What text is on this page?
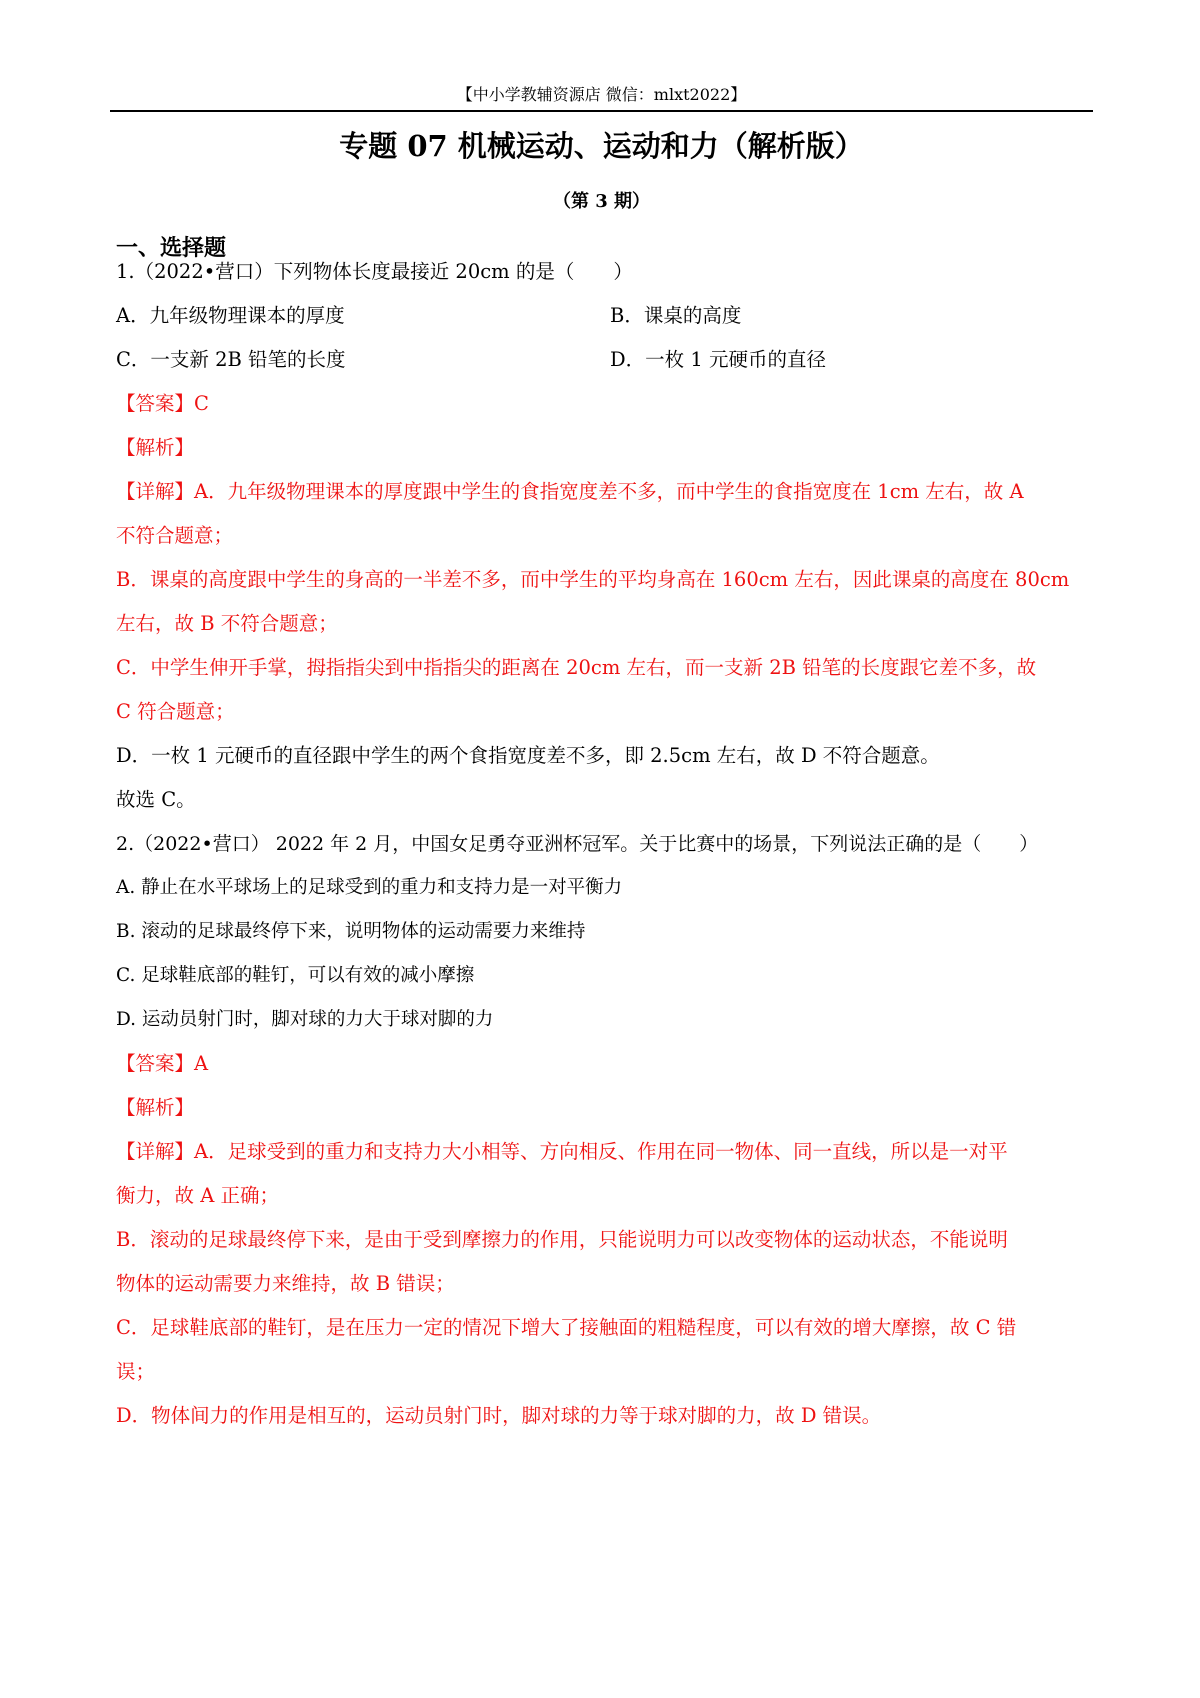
【中小学教辅资源店 微信：mlxt2022】
专题 07 机械运动、运动和力（解析版）
（第 3 期）
一、选择题
1.（2022•营口）下列物体长度最接近 20cm 的是（　　）
A．九年级物理课本的厚度	B．课桌的高度
C．一支新 2B 铅笔的长度	D．一枚 1 元硬币的直径
【答案】C
【解析】
【详解】A．九年级物理课本的厚度跟中学生的食指宽度差不多，而中学生的食指宽度在 1cm 左右，故 A
不符合题意；
B．课桌的高度跟中学生的身高的一半差不多，而中学生的平均身高在 160cm 左右，因此课桌的高度在 80cm
左右，故 B 不符合题意；
C．中学生伸开手掌，拇指指尖到中指指尖的距离在 20cm 左右，而一支新 2B 铅笔的长度跟它差不多，故
C 符合题意；
D．一枚 1 元硬币的直径跟中学生的两个食指宽度差不多，即 2.5cm 左右，故 D 不符合题意。
故选 C。
2.（2022•营口） 2022 年 2 月，中国女足勇夺亚洲杯冠军。关于比赛中的场景，下列说法正确的是（　　）
A. 静止在水平球场上的足球受到的重力和支持力是一对平衡力
B. 滚动的足球最终停下来，说明物体的运动需要力来维持
C. 足球鞋底部的鞋钉，可以有效的减小摩擦
D. 运动员射门时，脚对球的力大于球对脚的力
【答案】A
【解析】
【详解】A．足球受到的重力和支持力大小相等、方向相反、作用在同一物体、同一直线，所以是一对平
衡力，故 A 正确；
B．滚动的足球最终停下来，是由于受到摩擦力的作用，只能说明力可以改变物体的运动状态，不能说明
物体的运动需要力来维持，故 B 错误；
C．足球鞋底部的鞋钉，是在压力一定的情况下增大了接触面的粗糙程度，可以有效的增大摩擦，故 C 错
误；
D．物体间力的作用是相互的，运动员射门时，脚对球的力等于球对脚的力，故 D 错误。
